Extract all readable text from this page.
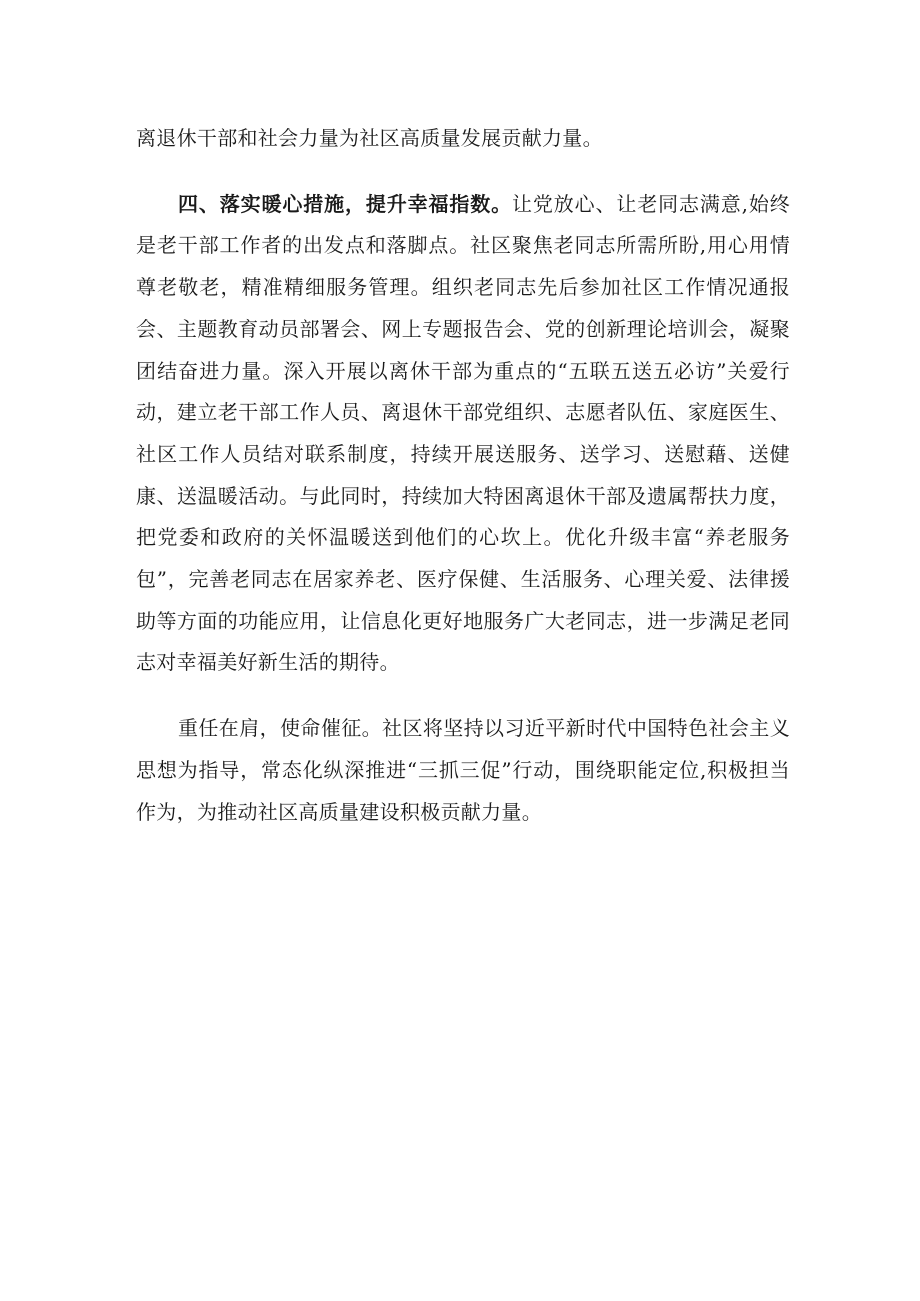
离退休干部和社会力量为社区高质量发展贡献力量。

四、落实暖心措施，提升幸福指数。让党放心、让老同志满意,始终是老干部工作者的出发点和落脚点。社区聚焦老同志所需所盼,用心用情尊老敬老，精准精细服务管理。组织老同志先后参加社区工作情况通报会、主题教育动员部署会、网上专题报告会、党的创新理论培训会，凝聚团结奋进力量。深入开展以离休干部为重点的“五联五送五必访”关爱行动，建立老干部工作人员、离退休干部党组织、志愿者队伍、家庭医生、社区工作人员结对联系制度，持续开展送服务、送学习、送慰藉、送健康、送温暖活动。与此同时，持续加大特困离退休干部及遗属帮扶力度，把党委和政府的关怀温暖送到他们的心坎上。优化升级丰富“养老服务包”，完善老同志在居家养老、医疗保健、生活服务、心理关爱、法律援助等方面的功能应用，让信息化更好地服务广大老同志，进一步满足老同志对幸福美好新生活的期待。

重任在肩，使命催征。社区将坚持以习近平新时代中国特色社会主义思想为指导，常态化纵深推进“三抓三促”行动，围绕职能定位,积极担当作为，为推动社区高质量建设积极贡献力量。
